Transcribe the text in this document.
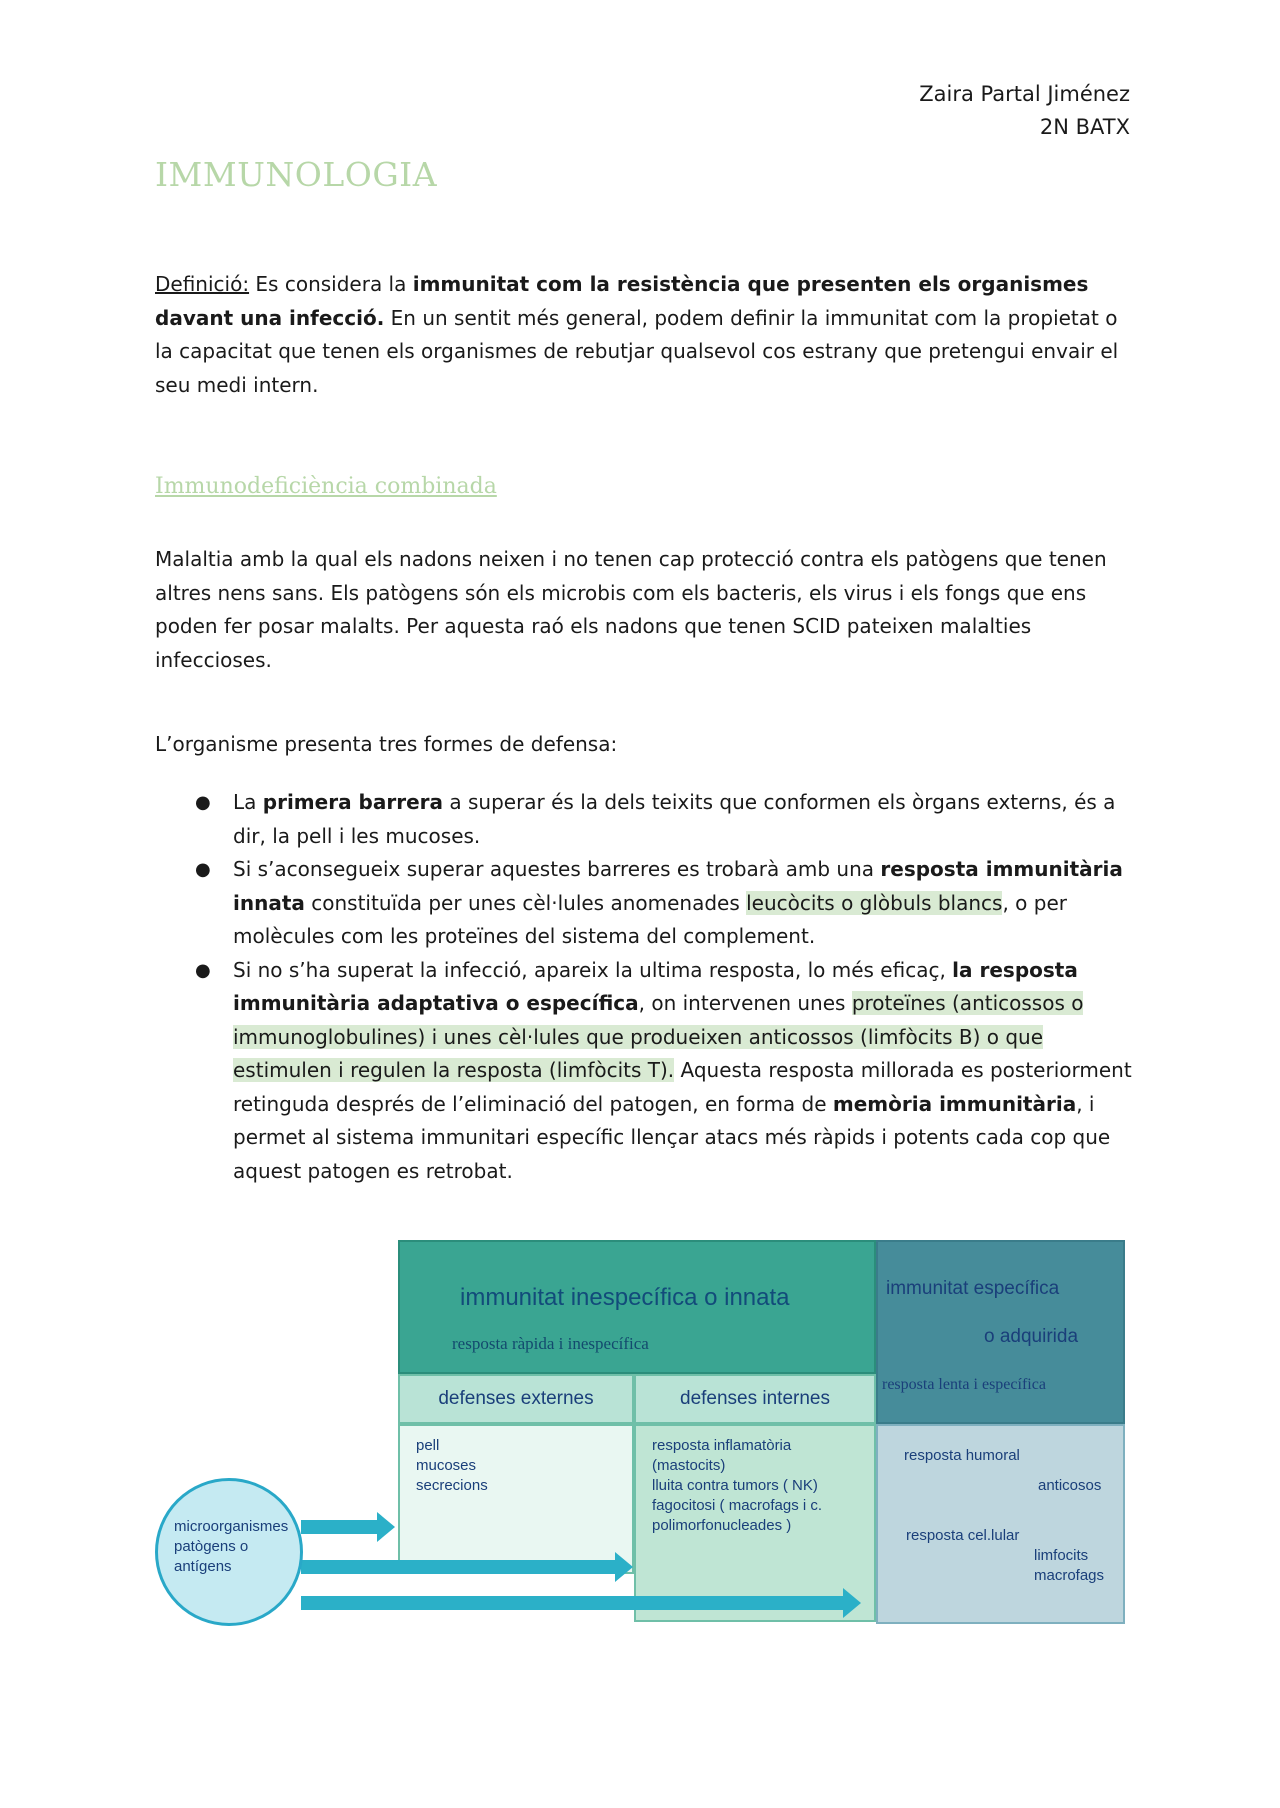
Zaira Partal Jiménez
2N BATX
IMMUNOLOGIA
Definició: Es considera la immunitat com la resistència que presenten els organismes davant una infecció. En un sentit més general, podem definir la immunitat com la propietat o la capacitat que tenen els organismes de rebutjar qualsevol cos estrany que pretengui envair el seu medi intern.
Immunodeficiència combinada
Malaltia amb la qual els nadons neixen i no tenen cap protecció contra els patògens que tenen altres nens sans. Els patògens són els microbis com els bacteris, els virus i els fongs que ens poden fer posar malalts. Per aquesta raó els nadons que tenen SCID pateixen malalties infeccioses.
L’organisme presenta tres formes de defensa:
● La primera barrera a superar és la dels teixits que conformen els òrgans externs, és a dir, la pell i les mucoses.
● Si s’aconsegueix superar aquestes barreres es trobarà amb una resposta immunitària innata constituïda per unes cèl·lules anomenades leucòcits o glòbuls blancs, o per molècules com les proteïnes del sistema del complement.
● Si no s’ha superat la infecció, apareix la ultima resposta, lo més eficaç, la resposta immunitària adaptativa o específica, on intervenen unes proteïnes (anticossos o immunoglobulines) i unes cèl·lules que produeixen anticossos (limfòcits B) o que estimulen i regulen la resposta (limfòcits T). Aquesta resposta millorada es posteriorment retinguda després de l’eliminació del patogen, en forma de memòria immunitària, i permet al sistema immunitari específic llençar atacs més ràpids i potents cada cop que aquest patogen es retrobat.
immunitat inespecífica o innata
resposta ràpida i inespecífica
immunitat específica
o adquirida
resposta lenta i específica
defenses externes	defenses internes
pell
mucoses
secrecions
resposta inflamatòria
(mastocits)
lluita contra tumors ( NK)
fagocitosi ( macrofags i c.
polimorfonucleades )
resposta humoral
anticosos
resposta cel.lular
limfocits
macrofags
microorganismes
patògens o
antígens
